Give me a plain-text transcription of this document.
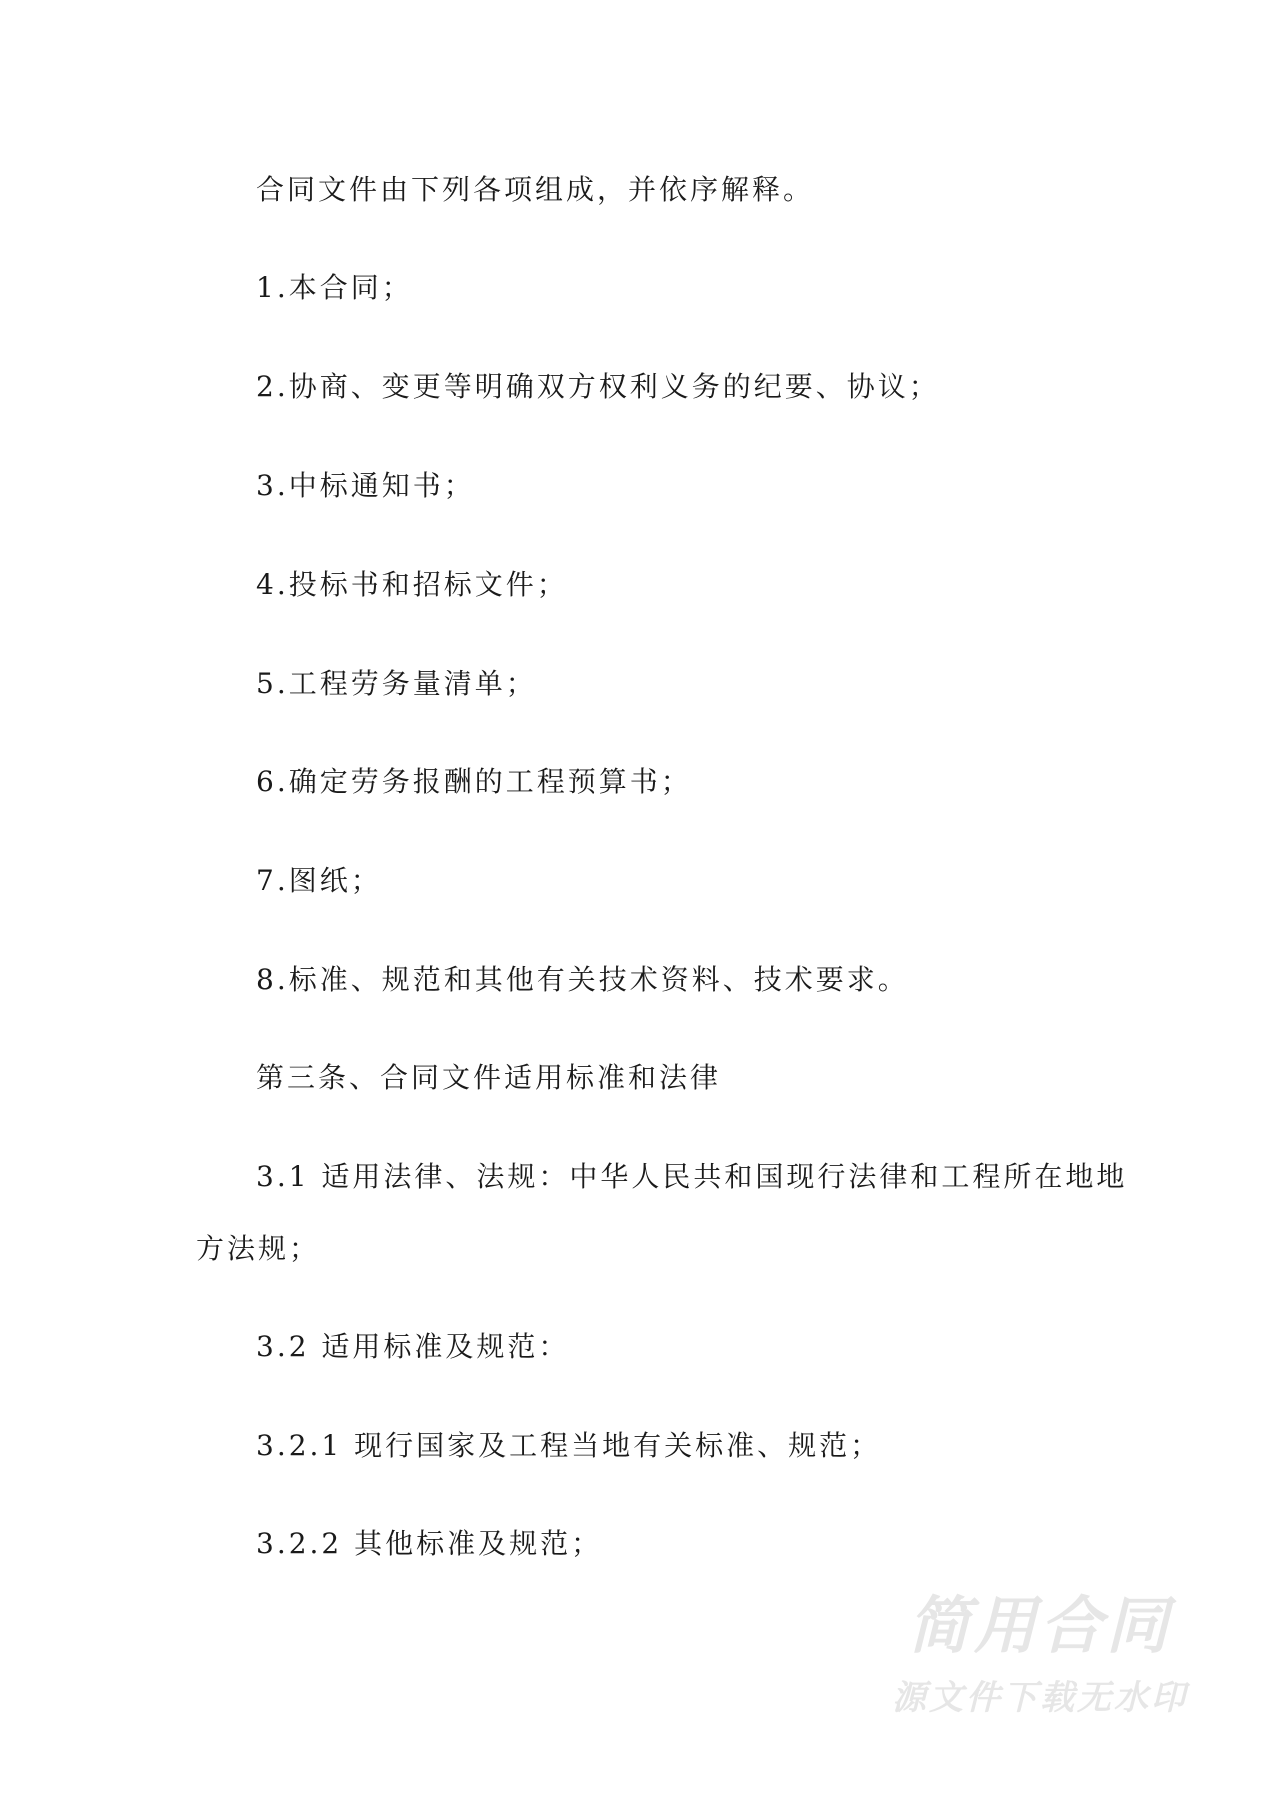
合同文件由下列各项组成，并依序解释。
1.本合同；
2.协商、变更等明确双方权利义务的纪要、协议；
3.中标通知书；
4.投标书和招标文件；
5.工程劳务量清单；
6.确定劳务报酬的工程预算书；
7.图纸；
8.标准、规范和其他有关技术资料、技术要求。
第三条、合同文件适用标准和法律
3.1 适用法律、法规：中华人民共和国现行法律和工程所在地地
方法规；
3.2 适用标准及规范：
3.2.1 现行国家及工程当地有关标准、规范；
3.2.2 其他标准及规范；
简用合同
源文件下载无水印
